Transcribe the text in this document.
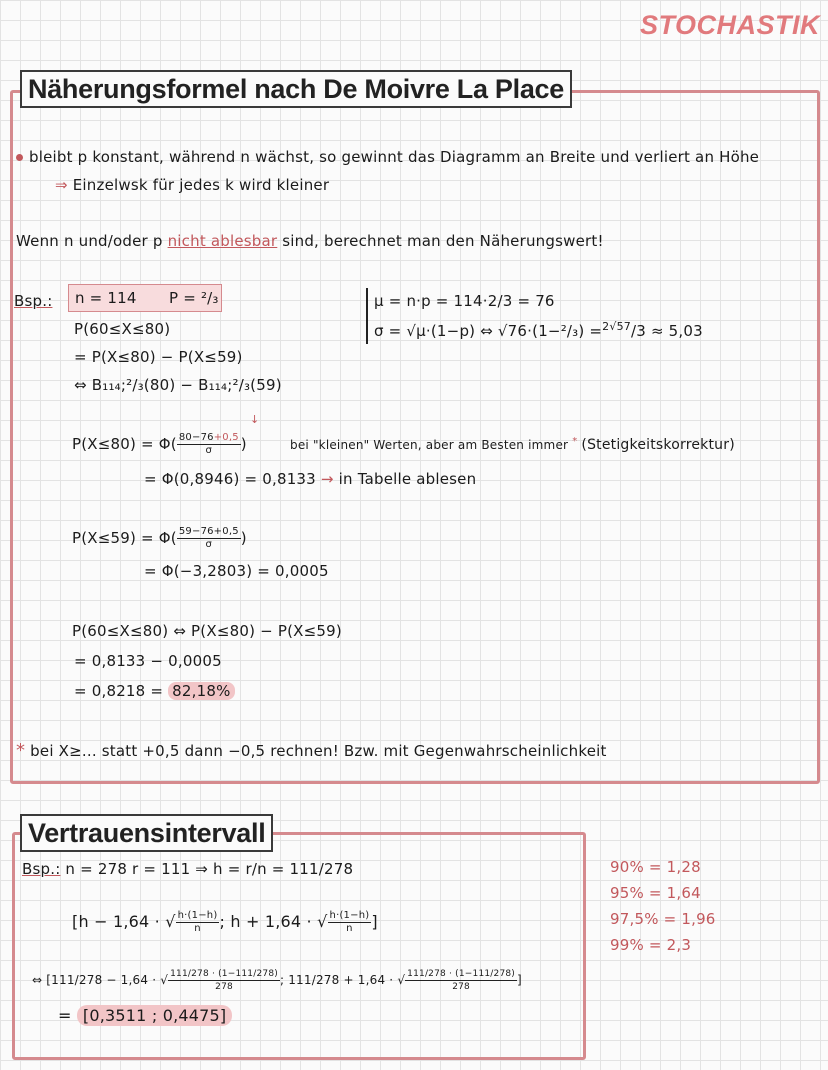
STOCHASTIK
Näherungsformel nach De Moivre La Place
bleibt p konstant, während n wächst, so gewinnt das Diagramm an Breite und verliert an Höhe
⇒ Einzelwsk für jedes k wird kleiner
Wenn n und/oder p nicht ablesbar sind, berechnet man den Näherungswert!
Bsp.: n = 114 P = ²/₃
P(60≤X≤80)
= P(X≤80) − P(X≤59)
⇔ B₁₁₄;²/₃(80) − B₁₁₄;²/₃(59)
μ = n·p = 114·2/3 = 76
σ = √μ·(1−p) ⇔ √76·(1−²/₃) =$^{2√57}$/3 ≈ 5,03
$P(X\le 80) = \Phi( \frac{80-76+0,5}{\sigma}$ )
↓
bei "kleinen" Werten, aber am Besten immer * (Stetigkeitskorrektur)
= Φ(0,8946) = 0,8133 → in Tabelle ablesen
$P(X\le 59) = \Phi( \frac{59-76+0,5}{\sigma}$ )
= Φ(−3,2803) = 0,0005
P(60≤X≤80) ⇔ P(X≤80) − P(X≤59)
= 0,8133 − 0,0005
= 0,8218 = 82,18%
* bei X≥... statt +0,5 dann −0,5 rechnen! Bzw. mit Gegenwahrscheinlichkeit
Vertrauensintervall
Bsp.: n = 278 r = 111 ⇒ h = r/n = 111/278
[h − 1,64 · √ $\frac{h\cdot(1-h)}{n}$ ; h + 1,64 · √ $\frac{h\cdot(1-h)}{n}$ ]
⇔ [111/278 − 1,64 · √ $\frac{111/278 \cdot (1-111/278)}{278}$ ; 111/278 + 1,64 · √ $\frac{111/278 \cdot (1-111/278)}{278}$ ]
= [0,3511 ; 0,4475]
90% = 1,28
95% = 1,64
97,5% = 1,96
99% = 2,3
